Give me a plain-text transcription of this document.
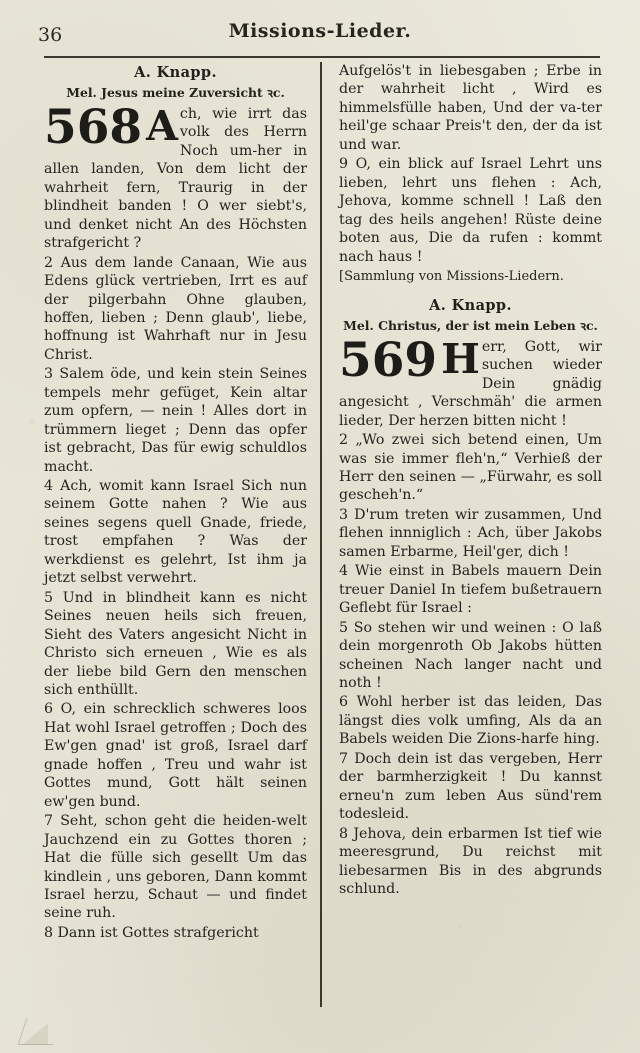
36	Missions-Lieder.
A. Knapp.
Mel. Jesus meine Zuversicht ꝛc.
568 A ch, wie irrt das volk des Herrn Noch um-her in allen landen, Von dem licht der wahrheit fern, Traurig in der blindheit banden ! O wer siebt's, und denket nicht An des Höchsten strafgericht ?
2 Aus dem lande Canaan, Wie aus Edens glück vertrieben, Irrt es auf der pilgerbahn Ohne glauben, hoffen, lieben ; Denn glaub', liebe, hoffnung ist Wahrhaft nur in Jesu Christ.
3 Salem öde, und kein stein Seines tempels mehr gefüget, Kein altar zum opfern, — nein ! Alles dort in trümmern lieget ; Denn das opfer ist gebracht, Das für ewig schuldlos macht.
4 Ach, womit kann Israel Sich nun seinem Gotte nahen ? Wie aus seines segens quell Gnade, friede, trost empfahen ? Was der werkdienst es gelehrt, Ist ihm ja jetzt selbst verwehrt.
5 Und in blindheit kann es nicht Seines neuen heils sich freuen, Sieht des Vaters angesicht Nicht in Christo sich erneuen , Wie es als der liebe bild Gern den menschen sich enthüllt.
6 O, ein schrecklich schweres loos Hat wohl Israel getroffen ; Doch des Ew'gen gnad' ist groß, Israel darf gnade hoffen , Treu und wahr ist Gottes mund, Gott hält seinen ew'gen bund.
7 Seht, schon geht die heiden-welt Jauchzend ein zu Gottes thoren ; Hat die fülle sich gesellt Um das kindlein , uns geboren, Dann kommt Israel herzu, Schaut — und findet seine ruh.
8 Dann ist Gottes strafgericht
Aufgelös't in liebesgaben ; Erbe in der wahrheit licht , Wird es himmelsfülle haben, Und der va-ter heil'ge schaar Preis't den, der da ist und war.
9 O, ein blick auf Israel Lehrt uns lieben, lehrt uns flehen : Ach, Jehova, komme schnell ! Laß den tag des heils angehen! Rüste deine boten aus, Die da rufen : kommt nach haus !
[Sammlung von Missions-Liedern.
A. Knapp.
Mel. Christus, der ist mein Leben ꝛc.
569 H err, Gott, wir suchen wieder Dein gnädig angesicht , Verschmäh' die armen lieder, Der herzen bitten nicht !
2 „Wo zwei sich betend einen, Um was sie immer fleh'n,“ Verhieß der Herr den seinen — „Fürwahr, es soll gescheh'n.“
3 D'rum treten wir zusammen, Und flehen innniglich : Ach, über Jakobs samen Erbarme, Heil'ger, dich !
4 Wie einst in Babels mauern Dein treuer Daniel In tiefem bußetrauern Geflebt für Israel :
5 So stehen wir und weinen : O laß dein morgenroth Ob Jakobs hütten scheinen Nach langer nacht und noth !
6 Wohl herber ist das leiden, Das längst dies volk umfing, Als da an Babels weiden Die Zions-harfe hing.
7 Doch dein ist das vergeben, Herr der barmherzigkeit ! Du kannst erneu'n zum leben Aus sünd'rem todesleid.
8 Jehova, dein erbarmen Ist tief wie meeresgrund, Du reichst mit liebesarmen Bis in des abgrunds schlund.
